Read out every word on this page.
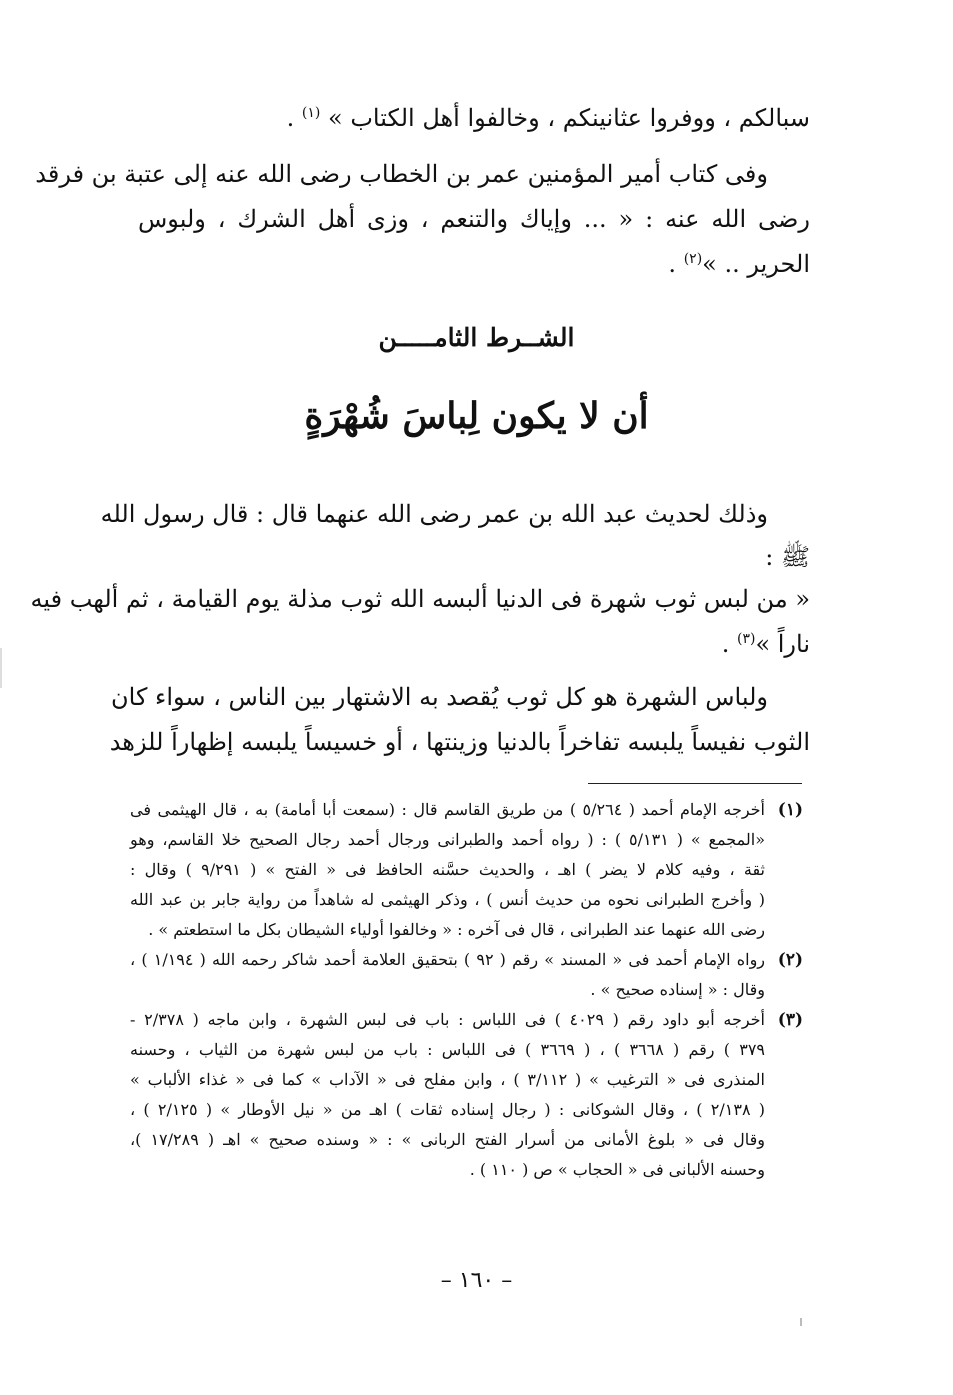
سبالكم ، ووفروا عثانينكم ، وخالفوا أهل الكتاب » $^{(١)}$ .
وفى كتاب أمير المؤمنين عمر بن الخطاب رضى الله عنه إلى عتبة بن فرقد
رضى الله عنه : « ... وإياك والتنعم ، وزى أهل الشرك ، ولبوس
الحرير .. »$^{(٢)}$ .
الشــرط الثامـــــن
أن لا يكون لِباسَ شُهْرَةٍ
وذلك لحديث عبد الله بن عمر رضى الله عنهما قال : قال رسول الله
ﷺ :
« من لبس ثوب شهرة فى الدنيا ألبسه الله ثوب مذلة يوم القيامة ، ثم ألهب فيه
ناراً »$^{(٣)}$ .
ولباس الشهرة هو كل ثوب يُقصد به الاشتهار بين الناس ، سواء كان
الثوب نفيساً يلبسه تفاخراً بالدنيا وزينتها ، أو خسيساً يلبسه إظهاراً للزهد
(١)
أخرجه الإمام أحمد ( ٥/٢٦٤ ) من طريق القاسم قال : (سمعت أبا أمامة) به ، قال الهيثمى فى
«المجمع » ( ٥/١٣١ ) : ( رواه أحمد والطبرانى ورجال أحمد رجال الصحيح خلا القاسم، وهو
ثقة ، وفيه كلام لا يضر ) اهـ ، والحديث حسَّنه الحافظ فى « الفتح » ( ٩/٢٩١ ) وقال :
( وأخرج الطبرانى نحوه من حديث أنس ) ، وذكر الهيثمى له شاهداً من رواية جابر بن عبد الله
رضى الله عنهما عند الطبرانى ، قال فى آخره : « وخالفوا أولياء الشيطان بكل ما استطعتم » .
(٢)
رواه الإمام أحمد فى « المسند » رقم ( ٩٢ ) بتحقيق العلامة أحمد شاكر رحمه الله ( ١/١٩٤ ) ،
وقال : « إسناده صحيح » .
(٣)
أخرجه أبو داود رقم ( ٤٠٢٩ ) فى اللباس : باب فى لبس الشهرة ، وابن ماجه ( ٢/٣٧٨ -
٣٧٩ ) رقم ( ٣٦٦٨ ) ، ( ٣٦٦٩ ) فى اللباس : باب من لبس شهرة من الثياب ، وحسنه
المنذرى فى « الترغيب » ( ٣/١١٢ ) ، وابن مفلح فى « الآداب » كما فى « غذاء الألباب »
( ٢/١٣٨ ) ، وقال الشوكانى : ( رجال إسناده ثقات ) اهـ من « نيل الأوطار » ( ٢/١٢٥ ) ،
وقال فى « بلوغ الأمانى من أسرار الفتح الربانى » : « وسنده صحيح » اهـ ( ١٧/٢٨٩ )،
وحسنه الألبانى فى « الحجاب » ص ( ١١٠ ) .
– ١٦٠ –
